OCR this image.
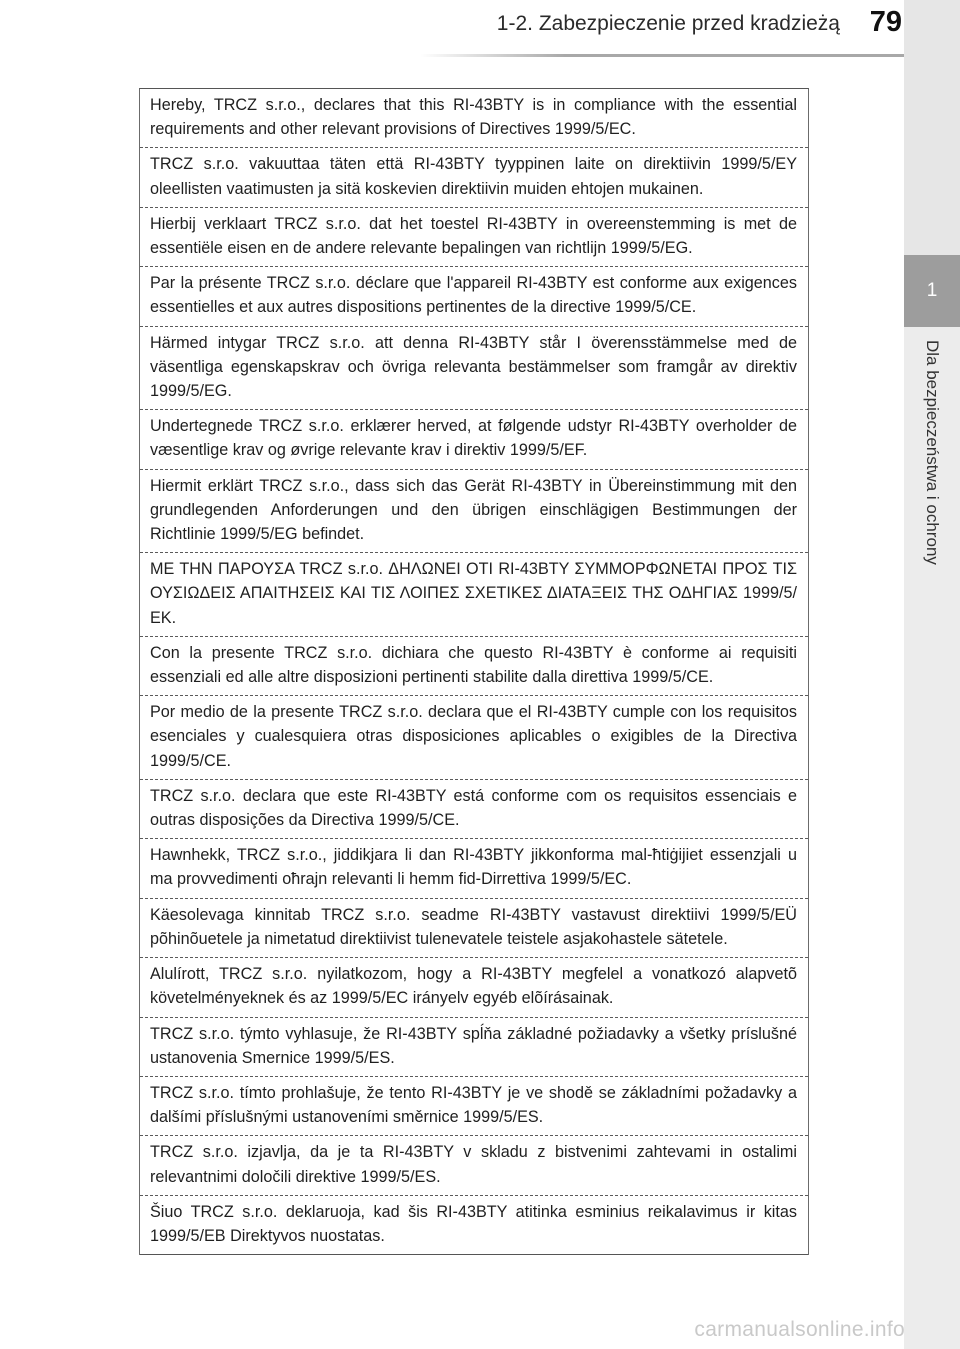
1-2. Zabezpieczenie przed kradzieżą	79
1
Dla bezpieczeństwa i ochrony
Hereby, TRCZ s.r.o., declares that this RI-43BTY is in compliance with the essential requirements and other relevant provisions of Directives 1999/5/EC.
TRCZ s.r.o. vakuuttaa täten että RI-43BTY tyyppinen laite on direktiivin 1999/5/EY oleellisten vaatimusten ja sitä koskevien direktiivin muiden ehtojen mukainen.
Hierbij verklaart TRCZ s.r.o. dat het toestel RI-43BTY in overeenstemming is met de essentiële eisen en de andere relevante bepalingen van richtlijn 1999/5/EG.
Par la présente TRCZ s.r.o. déclare que l'appareil RI-43BTY est conforme aux exigences essentielles et aux autres dispositions pertinentes de la directive 1999/5/CE.
Härmed intygar TRCZ s.r.o. att denna RI-43BTY står I överensstämmelse med de väsentliga egenskapskrav och övriga relevanta bestämmelser som framgår av direktiv 1999/5/EG.
Undertegnede TRCZ s.r.o. erklærer herved, at følgende udstyr RI-43BTY overholder de væsentlige krav og øvrige relevante krav i direktiv 1999/5/EF.
Hiermit erklärt TRCZ s.r.o., dass sich das Gerät RI-43BTY in Übereinstimmung mit den grundlegenden Anforderungen und den übrigen einschlägigen Bestimmungen der Richtlinie 1999/5/EG befindet.
ΜΕ ΤΗΝ ΠΑΡΟΥΣΑ TRCZ s.r.o. ΔΗΛΩΝΕΙ ΟΤΙ RI-43BTY ΣΥΜΜΟΡΦΩΝΕΤΑΙ ΠΡΟΣ ΤΙΣ ΟΥΣΙΩΔΕΙΣ ΑΠΑΙΤΗΣΕΙΣ ΚΑΙ ΤΙΣ ΛΟΙΠΕΣ ΣΧΕΤΙΚΕΣ ΔΙΑΤΑΞΕΙΣ ΤΗΣ ΟΔΗΓΙΑΣ 1999/5/ΕΚ.
Con la presente TRCZ s.r.o. dichiara che questo RI-43BTY è conforme ai requisiti essenziali ed alle altre disposizioni pertinenti stabilite dalla direttiva 1999/5/CE.
Por medio de la presente TRCZ s.r.o. declara que el RI-43BTY cumple con los requisitos esenciales y cualesquiera otras disposiciones aplicables o exigibles de la Directiva 1999/5/CE.
TRCZ s.r.o. declara que este RI-43BTY está conforme com os requisitos essenciais e outras disposições da Directiva 1999/5/CE.
Hawnhekk, TRCZ s.r.o., jiddikjara li dan RI-43BTY jikkonforma mal-ħtiġijiet essenzjali u ma provvedimenti oħrajn relevanti li hemm fid-Dirrettiva 1999/5/EC.
Käesolevaga kinnitab TRCZ s.r.o. seadme RI-43BTY vastavust direktiivi 1999/5/EÜ põhinõuetele ja nimetatud direktiivist tulenevatele teistele asjakohastele sätetele.
Alulírott, TRCZ s.r.o. nyilatkozom, hogy a RI-43BTY megfelel a vonatkozó alapvetõ követelményeknek és az 1999/5/EC irányelv egyéb elõírásainak.
TRCZ s.r.o. týmto vyhlasuje, že RI-43BTY spĺňa základné požiadavky a všetky príslušné ustanovenia Smernice 1999/5/ES.
TRCZ s.r.o. tímto prohlašuje, že tento RI-43BTY je ve shodě se základními požadavky a dalšími příslušnými ustanoveními směrnice 1999/5/ES.
TRCZ s.r.o. izjavlja, da je ta RI-43BTY v skladu z bistvenimi zahtevami in ostalimi relevantnimi določili direktive 1999/5/ES.
Šiuo TRCZ s.r.o. deklaruoja, kad šis RI-43BTY atitinka esminius reikalavimus ir kitas 1999/5/EB Direktyvos nuostatas.
carmanualsonline.info
